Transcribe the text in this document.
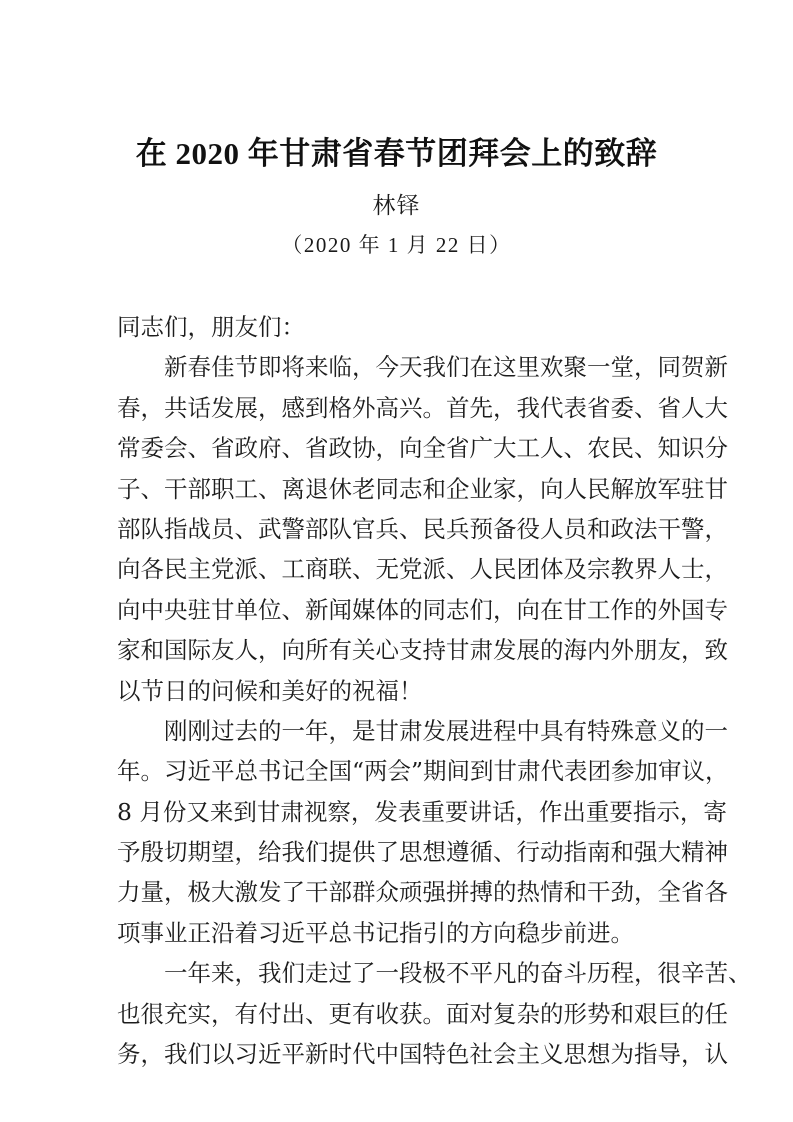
在 2020 年甘肃省春节团拜会上的致辞
林铎
（2020 年 1 月 22 日）
同志们，朋友们：
　　新春佳节即将来临，今天我们在这里欢聚一堂，同贺新
春，共话发展，感到格外高兴。首先，我代表省委、省人大
常委会、省政府、省政协，向全省广大工人、农民、知识分
子、干部职工、离退休老同志和企业家，向人民解放军驻甘
部队指战员、武警部队官兵、民兵预备役人员和政法干警，
向各民主党派、工商联、无党派、人民团体及宗教界人士，
向中央驻甘单位、新闻媒体的同志们，向在甘工作的外国专
家和国际友人，向所有关心支持甘肃发展的海内外朋友，致
以节日的问候和美好的祝福！
　　刚刚过去的一年，是甘肃发展进程中具有特殊意义的一
年。习近平总书记全国“两会”期间到甘肃代表团参加审议，
8 月份又来到甘肃视察，发表重要讲话，作出重要指示，寄
予殷切期望，给我们提供了思想遵循、行动指南和强大精神
力量，极大激发了干部群众顽强拼搏的热情和干劲，全省各
项事业正沿着习近平总书记指引的方向稳步前进。
　　一年来，我们走过了一段极不平凡的奋斗历程，很辛苦、
也很充实，有付出、更有收获。面对复杂的形势和艰巨的任
务，我们以习近平新时代中国特色社会主义思想为指导，认
